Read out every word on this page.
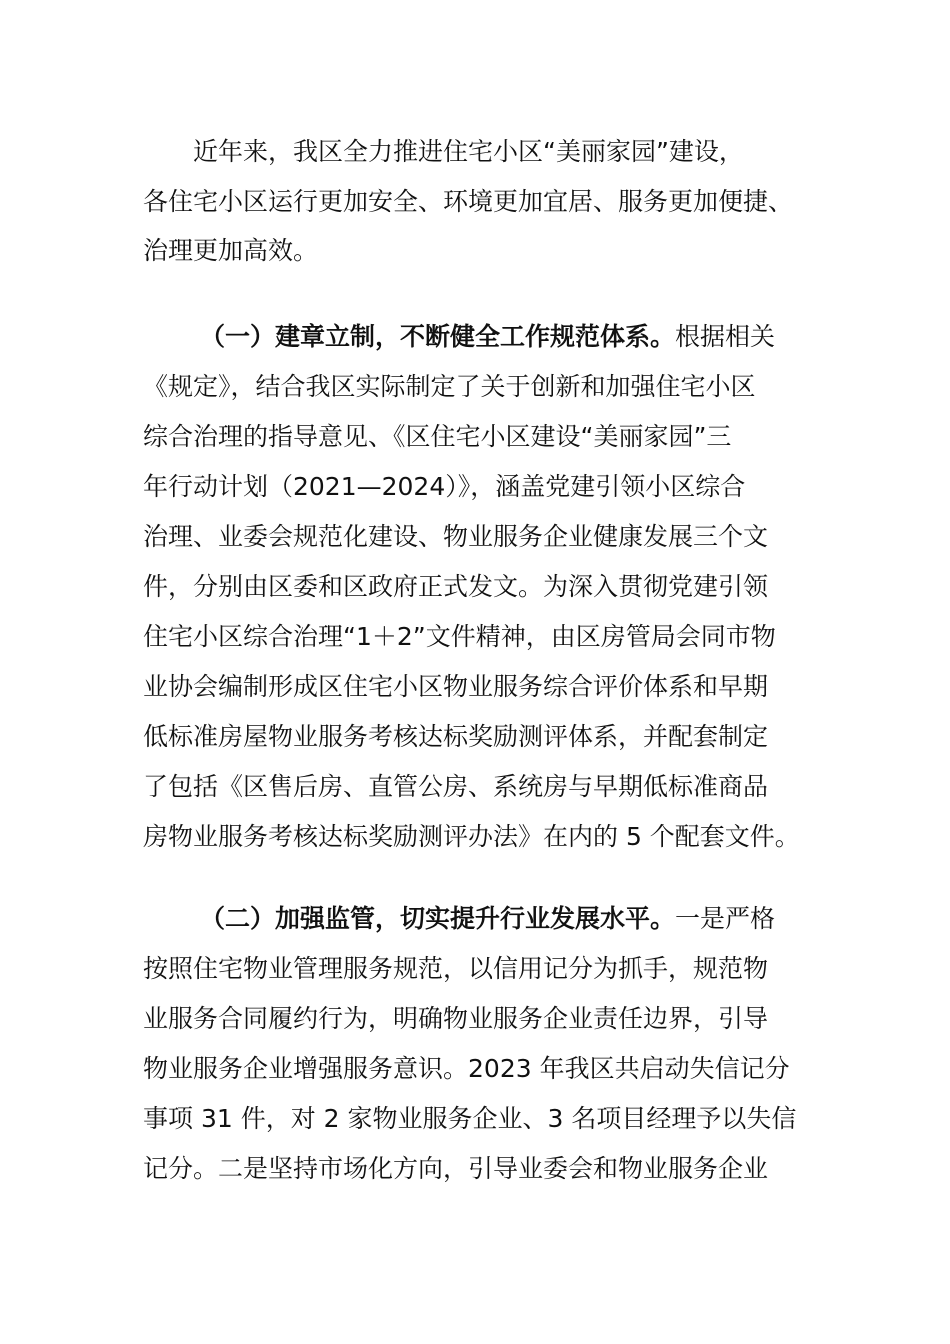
近年来，我区全力推进住宅小区“美丽家园”建设，
各住宅小区运行更加安全、环境更加宜居、服务更加便捷、
治理更加高效。
（一）建章立制，不断健全工作规范体系。根据相关
《规定》，结合我区实际制定了关于创新和加强住宅小区
综合治理的指导意见、《区住宅小区建设“美丽家园”三
年行动计划（2021—2024）》，涵盖党建引领小区综合
治理、业委会规范化建设、物业服务企业健康发展三个文
件，分别由区委和区政府正式发文。为深入贯彻党建引领
住宅小区综合治理“1＋2”文件精神，由区房管局会同市物
业协会编制形成区住宅小区物业服务综合评价体系和早期
低标准房屋物业服务考核达标奖励测评体系，并配套制定
了包括《区售后房、直管公房、系统房与早期低标准商品
房物业服务考核达标奖励测评办法》在内的 5 个配套文件。
（二）加强监管，切实提升行业发展水平。一是严格
按照住宅物业管理服务规范，以信用记分为抓手，规范物
业服务合同履约行为，明确物业服务企业责任边界，引导
物业服务企业增强服务意识。2023 年我区共启动失信记分
事项 31 件，对 2 家物业服务企业、3 名项目经理予以失信
记分。二是坚持市场化方向，引导业委会和物业服务企业
